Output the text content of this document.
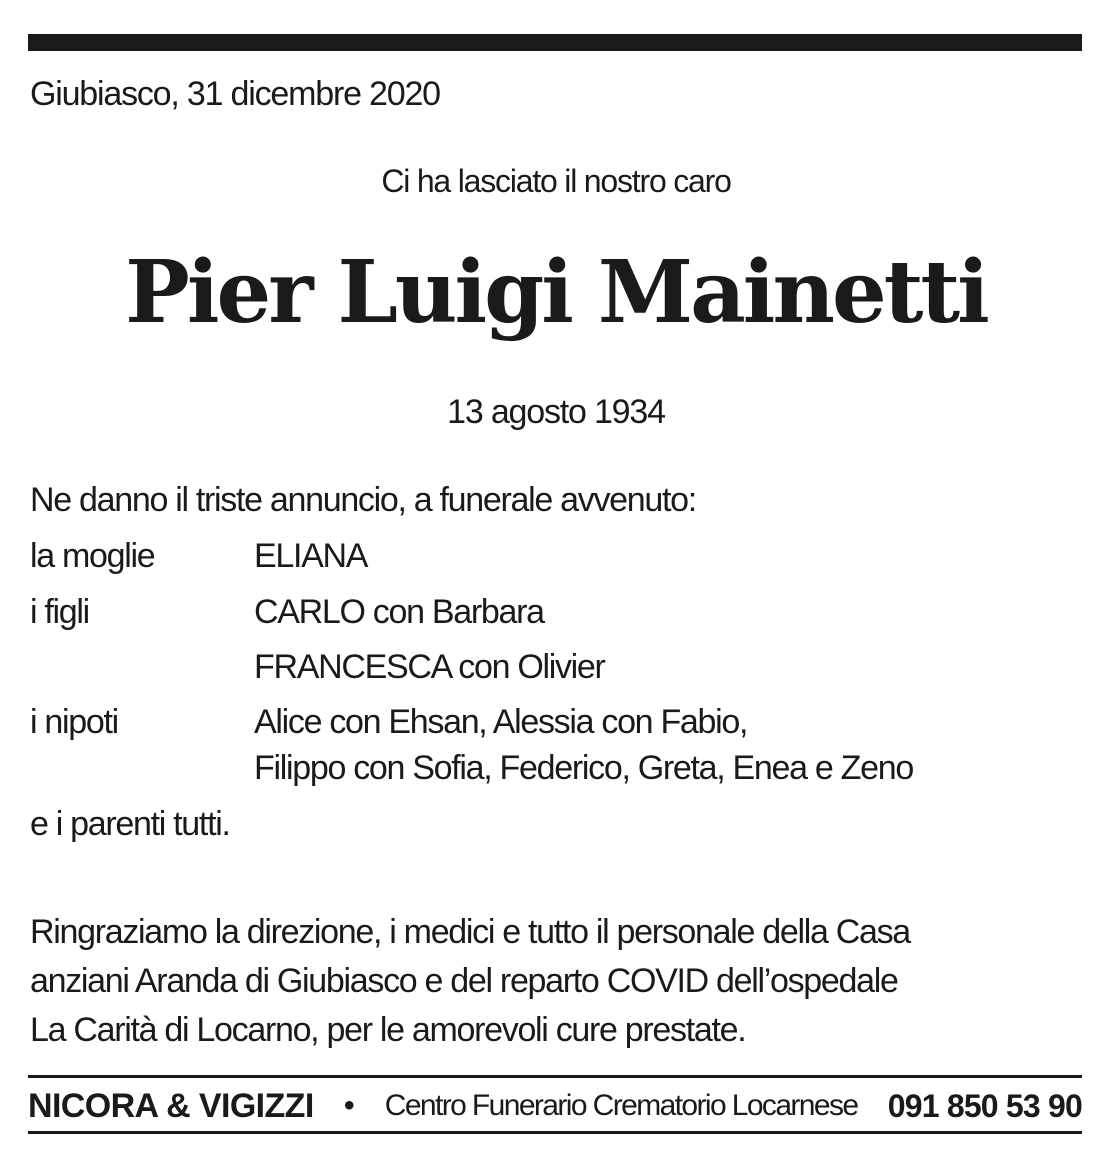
Giubiasco, 31 dicembre 2020
Ci ha lasciato il nostro caro
Pier Luigi Mainetti
13 agosto 1934
Ne danno il triste annuncio, a funerale avvenuto:
la moglie	ELIANA
i figli	CARLO con Barbara
FRANCESCA con Olivier
i nipoti	Alice con Ehsan, Alessia con Fabio,
Filippo con Sofia, Federico, Greta, Enea e Zeno
e i parenti tutti.
Ringraziamo la direzione, i medici e tutto il personale della Casa
anziani Aranda di Giubiasco e del reparto COVID dell’ospedale
La Carità di Locarno, per le amorevoli cure prestate.
NICORA & VIGIZZI • Centro Funerario Crematorio Locarnese 091 850 53 90
